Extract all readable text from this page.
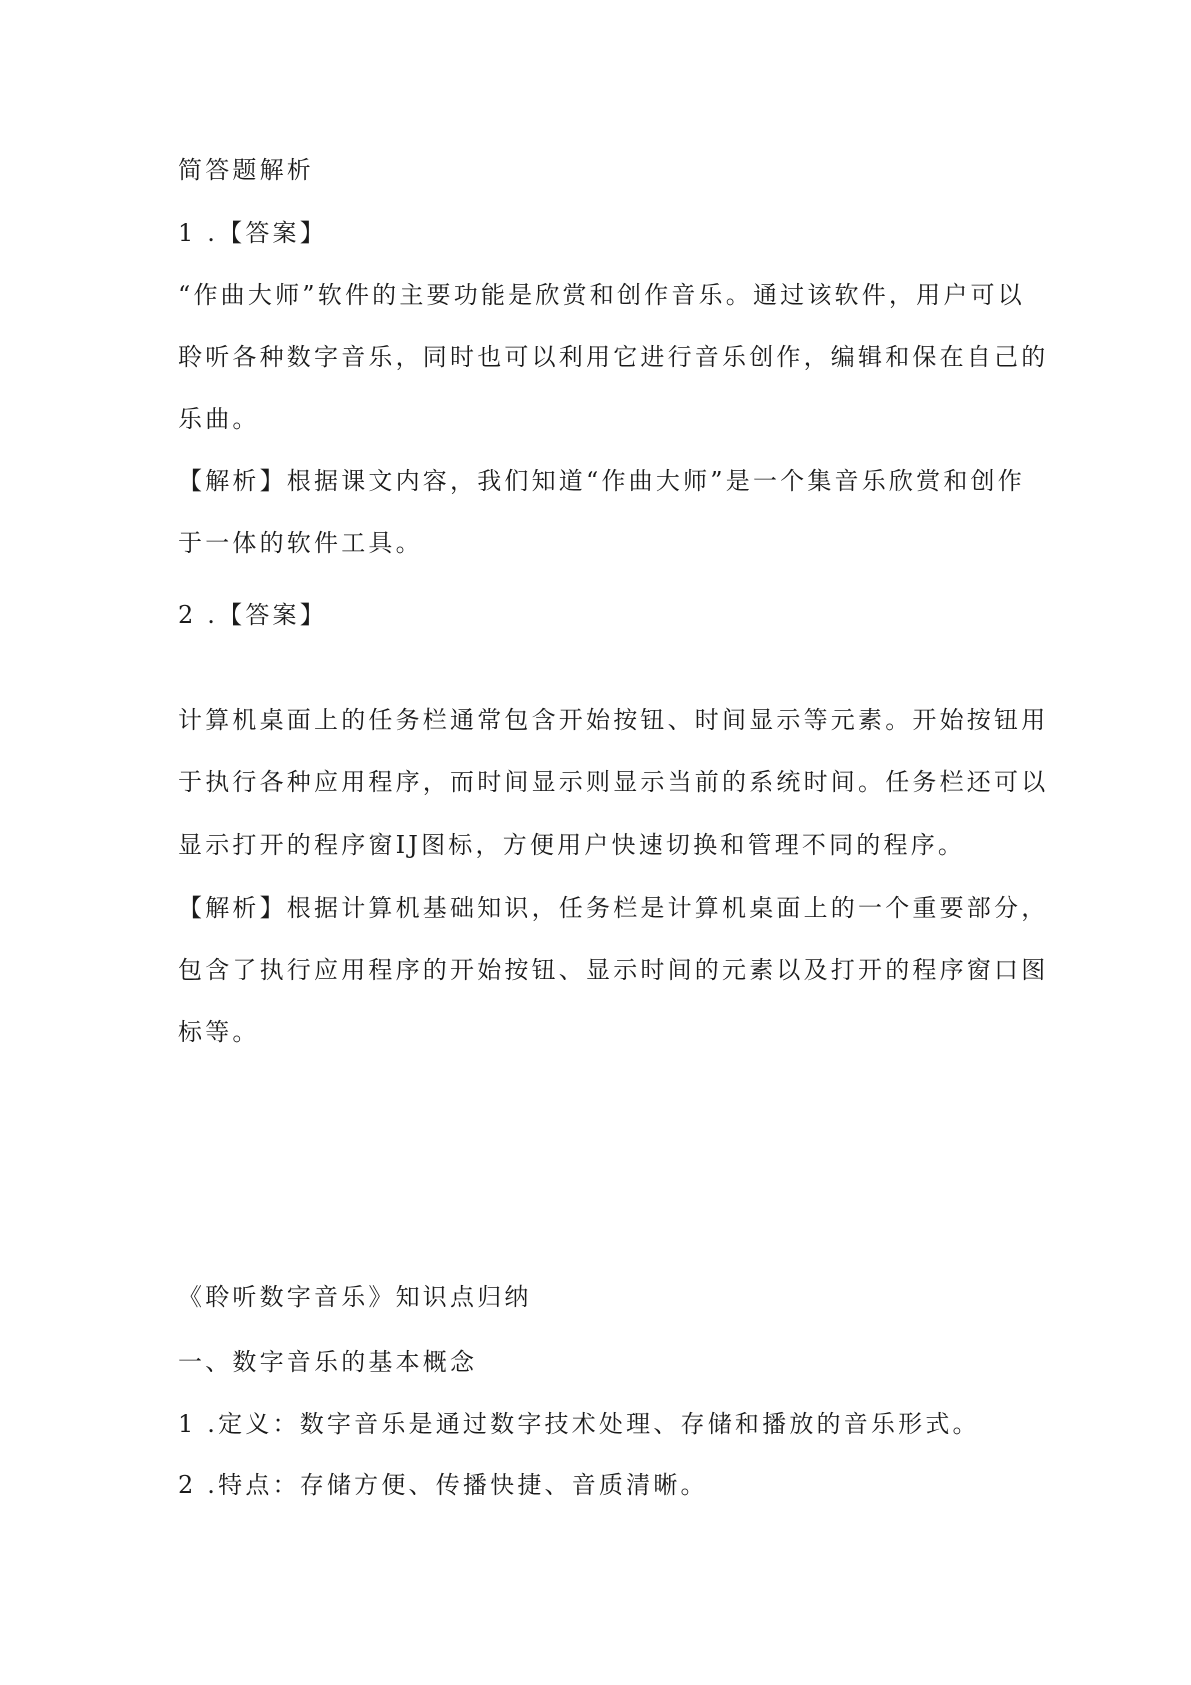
简答题解析
1 .【答案】
“作曲大师”软件的主要功能是欣赏和创作音乐。通过该软件，用户可以
聆听各种数字音乐，同时也可以利用它进行音乐创作，编辑和保在自己的
乐曲。
【解析】根据课文内容，我们知道“作曲大师”是一个集音乐欣赏和创作
于一体的软件工具。
2 .【答案】
计算机桌面上的任务栏通常包含开始按钮、时间显示等元素。开始按钮用
于执行各种应用程序，而时间显示则显示当前的系统时间。任务栏还可以
显示打开的程序窗IJ图标，方便用户快速切换和管理不同的程序。
【解析】根据计算机基础知识，任务栏是计算机桌面上的一个重要部分，
包含了执行应用程序的开始按钮、显示时间的元素以及打开的程序窗口图
标等。
《聆听数字音乐》知识点归纳
一、数字音乐的基本概念
1 .定义：数字音乐是通过数字技术处理、存储和播放的音乐形式。
2 .特点：存储方便、传播快捷、音质清晰。
